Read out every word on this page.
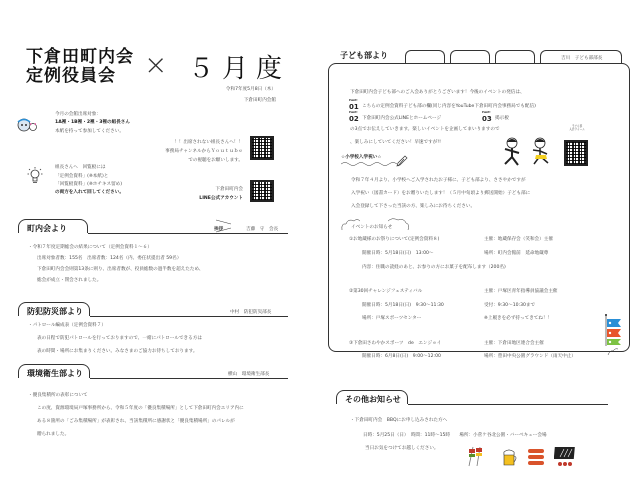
下倉田町内会
定例役員会 × ５月度
令和7年度5月8日（木）
下倉田町内会館
今月の会館出席対象：
1A裡・1B裡・2裡・3裡の組長さん
本紙を持って参加してください。
！！出席されない組長さんへ！！
事務局チャンネルからＹｏｕｔｕｂｅ
での視聴をお願いします。
組長さんへ　回覧板には
「定例会資料」(※本紙)と
「回覧板資料」(※ホチキス留め)
の両方を入れて回してください。
下倉田町内会
LINE公式アカウント
町内会より	挨拶	吉藤　守　会長
・令和７年度定期総会の結果について（定例会資料１～６）
出席対象者数：155名　出席者数：124名（内、委任状提出者 59名）
下倉田町内会会則第13条に則り、出席者数が、役員総数の過半数を超えたため、
総会が成立・閉会されました。
防犯防災部より	中村　防犯防災部長
・パトロール編成表（定例会資料７）
表の日程で防犯パトロールを行っておりますので、一緒にパトロールできる方は
表の時間・場所にお集まりください。みなさまのご協力お待ちしております。
環境衛生部より	横山　環境衛生部長
・優良集積所の表彰について
この度、資源環境局戸塚事務所から、令和５年度の「優良集積場所」として下倉田町内会エリア内に
ある８箇所の「ごみ集積場所」が表彰され、当該集積所に感謝状と「優良集積場所」のパレルが
贈られました。
子ども部より	吉川　子ども部部長
下倉田町内会子ども部へのご入会ありがとうございます！今後のイベントの発信は、
Point!
01 こちらの定例会資料子ども部の欄(同じ内容をYouTube下倉田町内会事務局でも配信)
Point!
02 下倉田町内会公式LINEとホームページ
Point!
03 掲示板
の3点でお伝えしていきます。楽しいイベントを企画してまいりますので
、楽しみにしていてください！早速ですが!!
子ども部
入会フォーム
☆小学校入学祝い☆
令和７年４月より、小学校へご入学されたお子様に、子ども部より、ささやかですが
入学祝い（図書カード）をお贈りいたします！（５月中旬頃より郵送開始）子ども部に
入会登録して下さった当該の方、楽しみにお待ちください。
イベントのお知らせ
①お地蔵様のお祭りについて(定例会資料８)	主催：地蔵保存会（笑和会）主催
開催日時：5月18日(日)　13:00～	場所：町内会館前　延命地蔵尊
内容：住職の読経のあと、お参りの方にお菓子を配布します（200名)
②第30回チャレンジフェスティバル	主催：戸塚区青年指導員協議会主催
開催日時：5月18日(日)　9:30～11:30	受付：9:30～10:30まで
場所：戸塚スポーツセンター	※上履きを必ず持ってきてね！！
③下倉田さわやかスポーツ　de　エンジョイ	主催：下倉田地区連合会主催
開催日時：6月8日(日)　9:00～12:00	場所：豊田中央公園グラウンド（雨天中止）
その他お知らせ
・下倉田町内会　BBQにお申し込みされた方へ
日時：5月25日（日）　時間：11時～15時　　場所：小菅ケ谷北公園・バーベキュー会場
当日お気をつけてお越しください。
